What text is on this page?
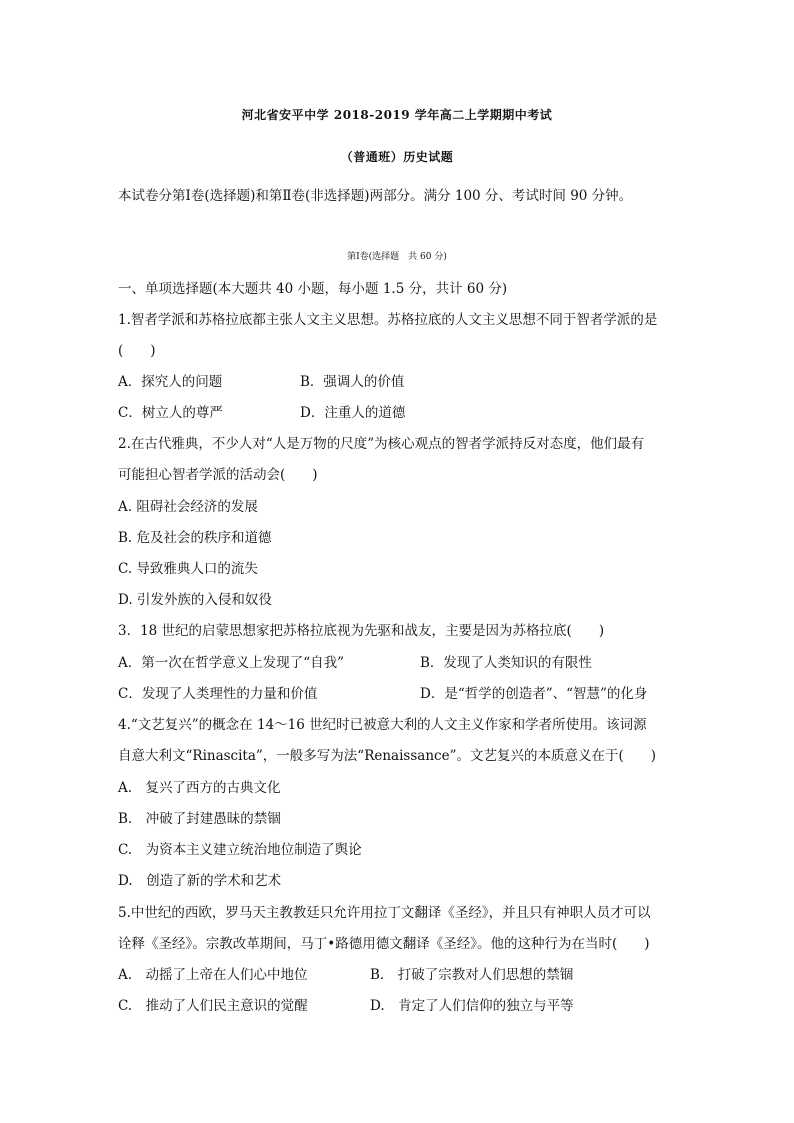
河北省安平中学 2018-2019 学年高二上学期期中考试
（普通班）历史试题
本试卷分第Ⅰ卷(选择题)和第Ⅱ卷(非选择题)两部分。满分 100 分、考试时间 90 分钟。
第Ⅰ卷(选择题　共 60 分)
一、单项选择题(本大题共 40 小题，每小题 1.5 分，共计 60 分)
1.智者学派和苏格拉底都主张人文主义思想。苏格拉底的人文主义思想不同于智者学派的是
(　　)
A．探究人的问题	B．强调人的价值
C．树立人的尊严	D．注重人的道德
2.在古代雅典，不少人对“人是万物的尺度”为核心观点的智者学派持反对态度，他们最有
可能担心智者学派的活动会(　　)
A. 阻碍社会经济的发展
B. 危及社会的秩序和道德
C. 导致雅典人口的流失
D. 引发外族的入侵和奴役
3．18 世纪的启蒙思想家把苏格拉底视为先驱和战友，主要是因为苏格拉底(　　)
A．第一次在哲学意义上发现了“自我”	B．发现了人类知识的有限性
C．发现了人类理性的力量和价值	D．是“哲学的创造者”、“智慧”的化身
4.“文艺复兴”的概念在 14～16 世纪时已被意大利的人文主义作家和学者所使用。该词源
自意大利文“Rinascita”，一般多写为法“Renaissance”。文艺复兴的本质意义在于(　　)
A.　复兴了西方的古典文化
B.　冲破了封建愚昧的禁锢
C.　为资本主义建立统治地位制造了舆论
D.　创造了新的学术和艺术
5.中世纪的西欧，罗马天主教教廷只允许用拉丁文翻译《圣经》，并且只有神职人员才可以
诠释《圣经》。宗教改革期间，马丁•路德用德文翻译《圣经》。他的这种行为在当时(　　)
A.　动摇了上帝在人们心中地位	B.　打破了宗教对人们思想的禁锢
C.　推动了人们民主意识的觉醒	D.　肯定了人们信仰的独立与平等
